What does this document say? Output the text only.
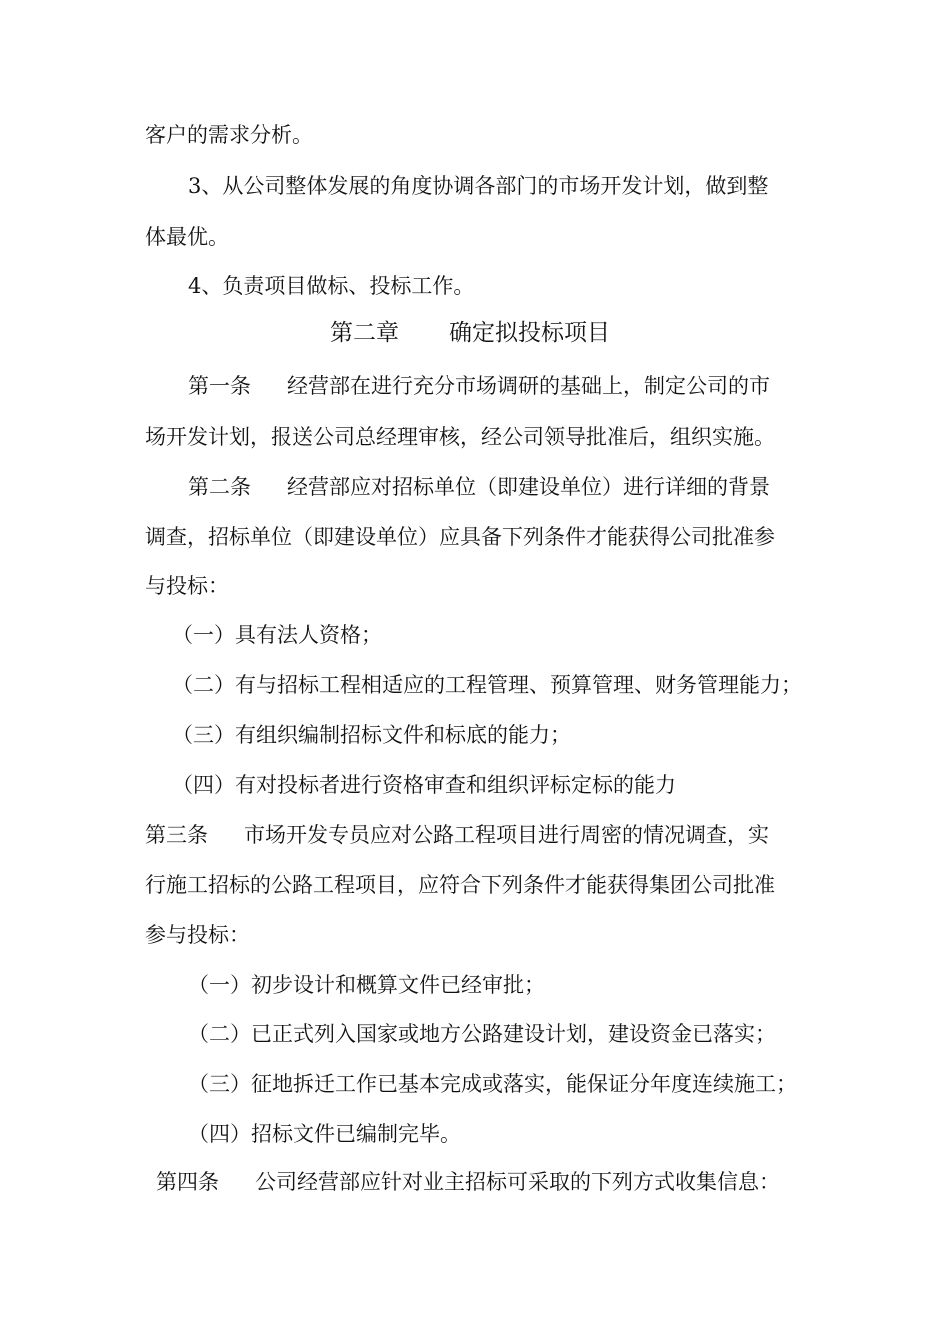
客户的需求分析。
3、从公司整体发展的角度协调各部门的市场开发计划，做到整
体最优。
4、负责项目做标、投标工作。
第二章 确定拟投标项目
第一条 经营部在进行充分市场调研的基础上，制定公司的市
场开发计划，报送公司总经理审核，经公司领导批准后，组织实施。
第二条 经营部应对招标单位（即建设单位）进行详细的背景
调查，招标单位（即建设单位）应具备下列条件才能获得公司批准参
与投标：
（一）具有法人资格；
（二）有与招标工程相适应的工程管理、预算管理、财务管理能力；
（三）有组织编制招标文件和标底的能力；
（四）有对投标者进行资格审查和组织评标定标的能力
第三条 市场开发专员应对公路工程项目进行周密的情况调查，实
行施工招标的公路工程项目，应符合下列条件才能获得集团公司批准
参与投标：
（一）初步设计和概算文件已经审批；
（二）已正式列入国家或地方公路建设计划，建设资金已落实；
（三）征地拆迁工作已基本完成或落实，能保证分年度连续施工；
（四）招标文件已编制完毕。
第四条 公司经营部应针对业主招标可采取的下列方式收集信息：
